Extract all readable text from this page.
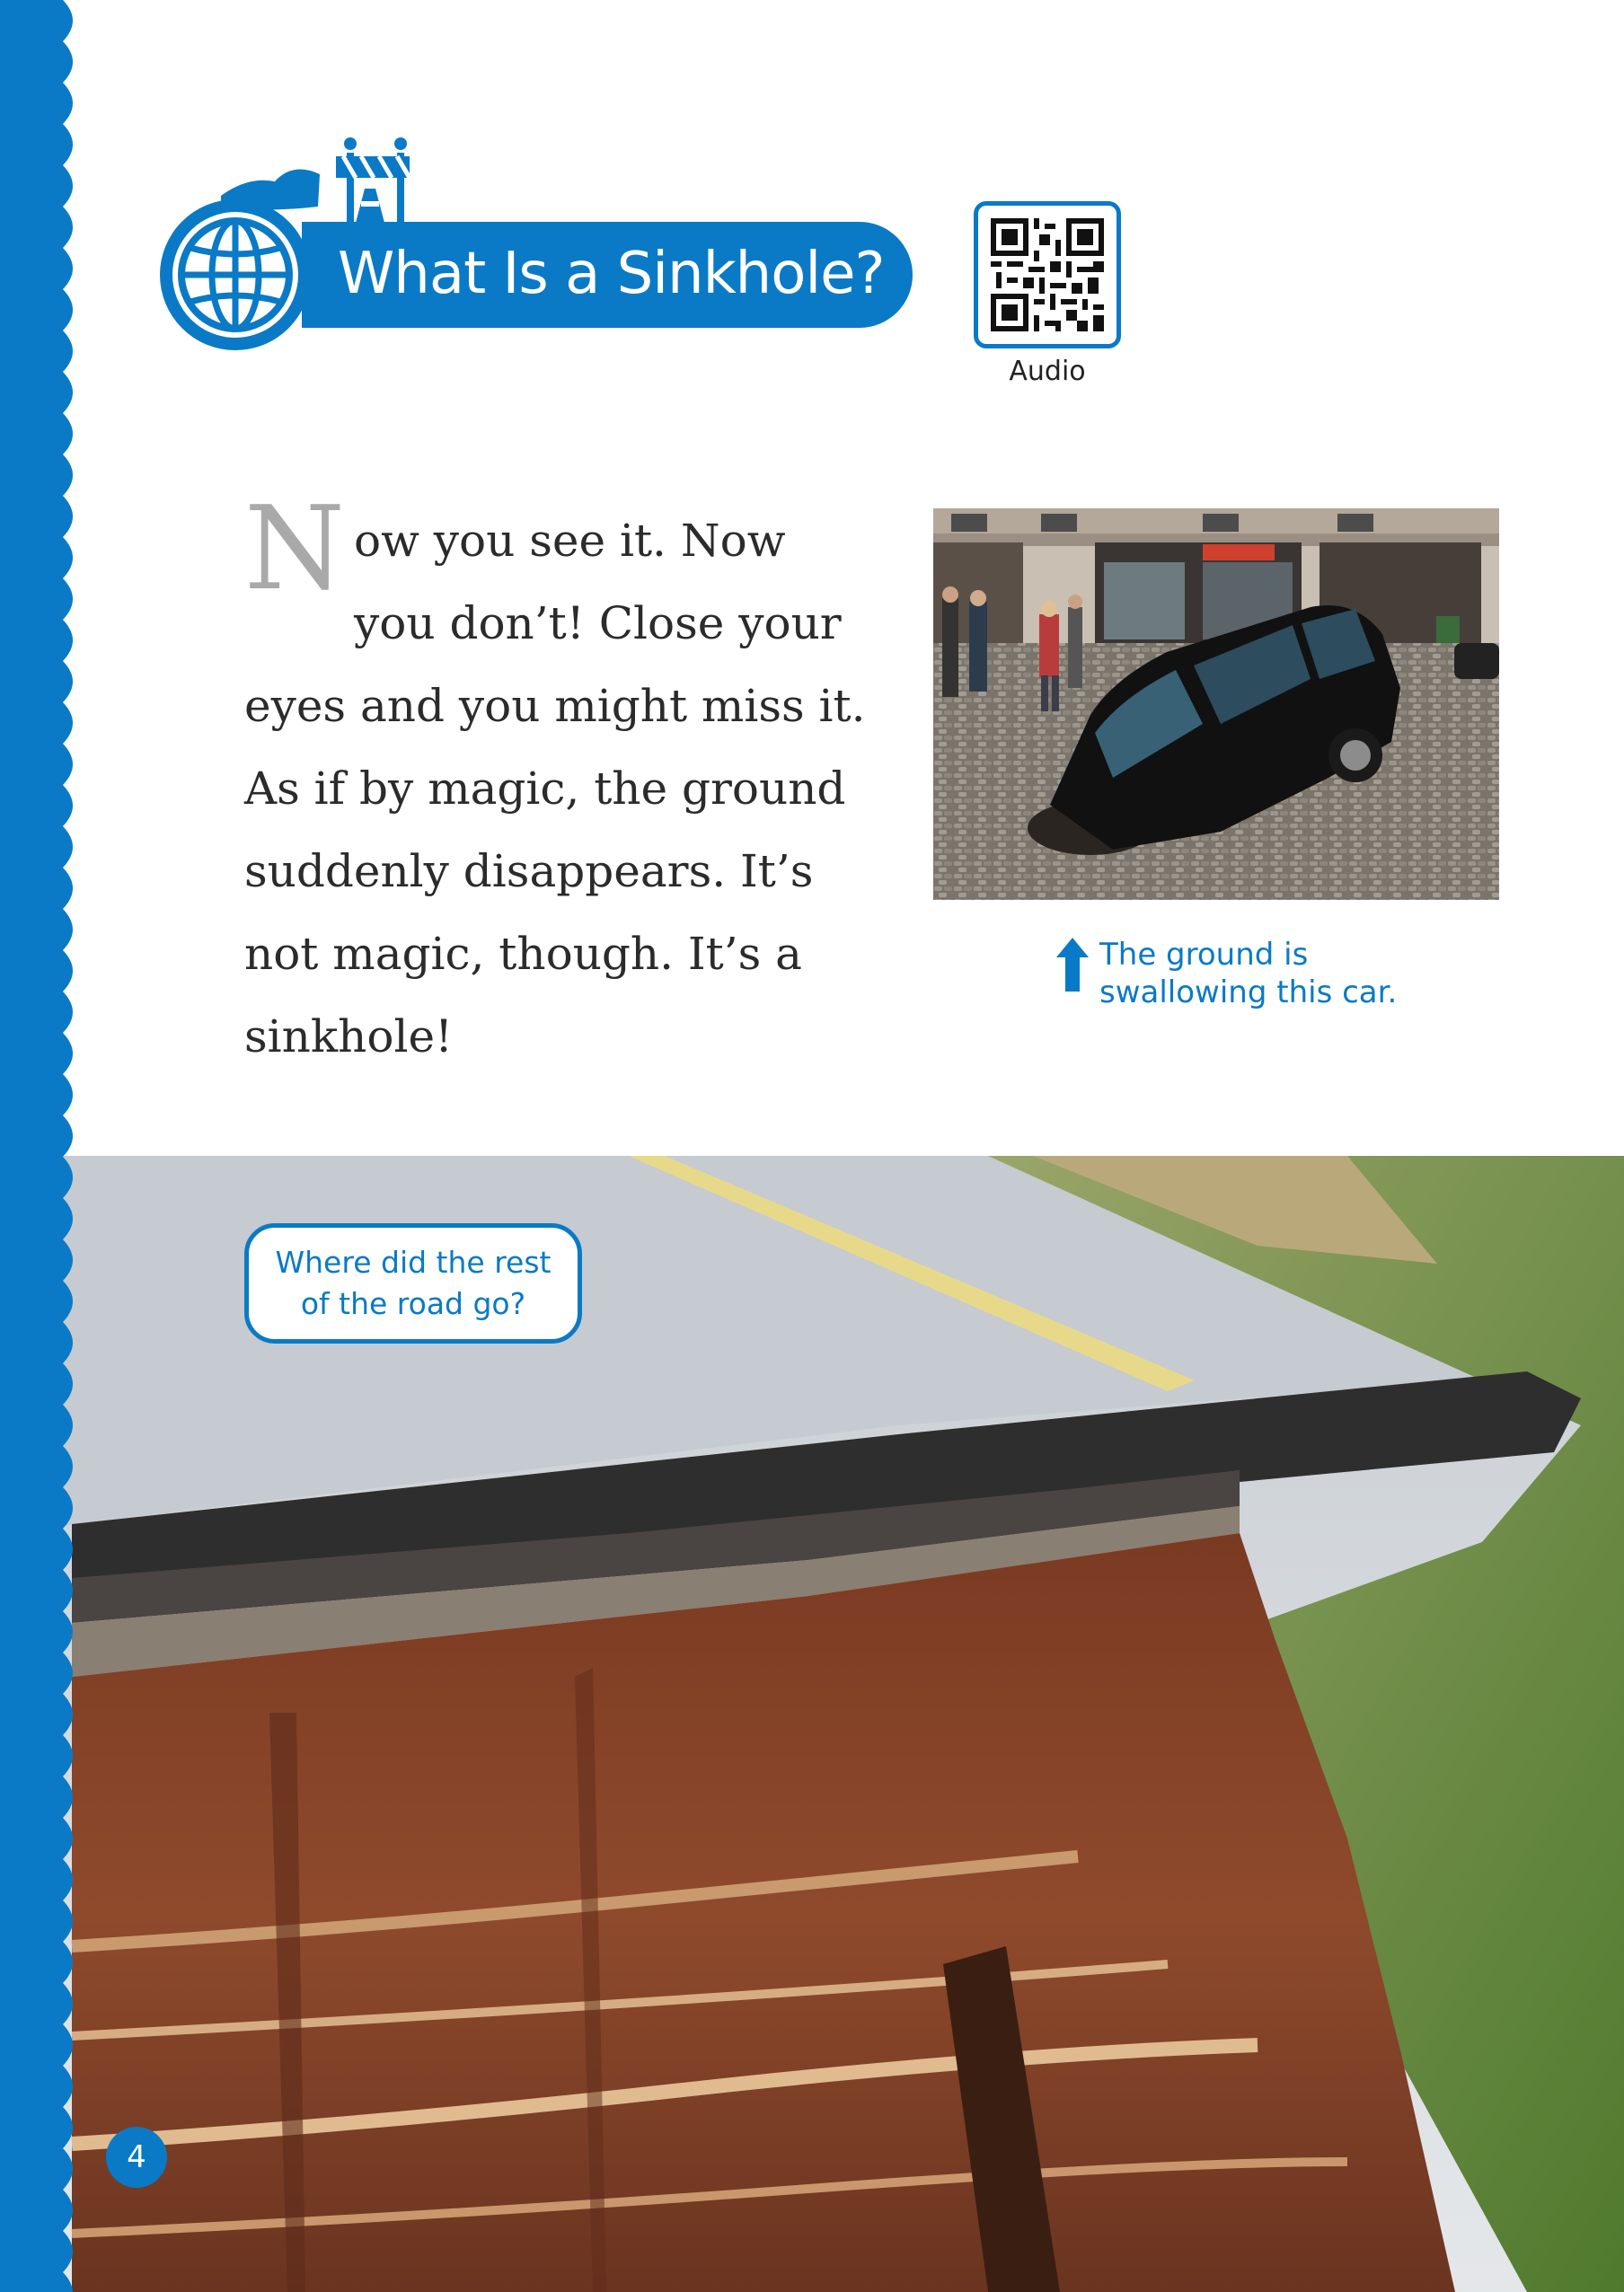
What Is a Sinkhole?
Audio
Now you see it. Now you don’t! Close your eyes and you might miss it. As if by magic, the ground suddenly disappears. It’s not magic, though. It’s a sinkhole!
The ground is
swallowing this car.
Where did the rest
of the road go?
4
